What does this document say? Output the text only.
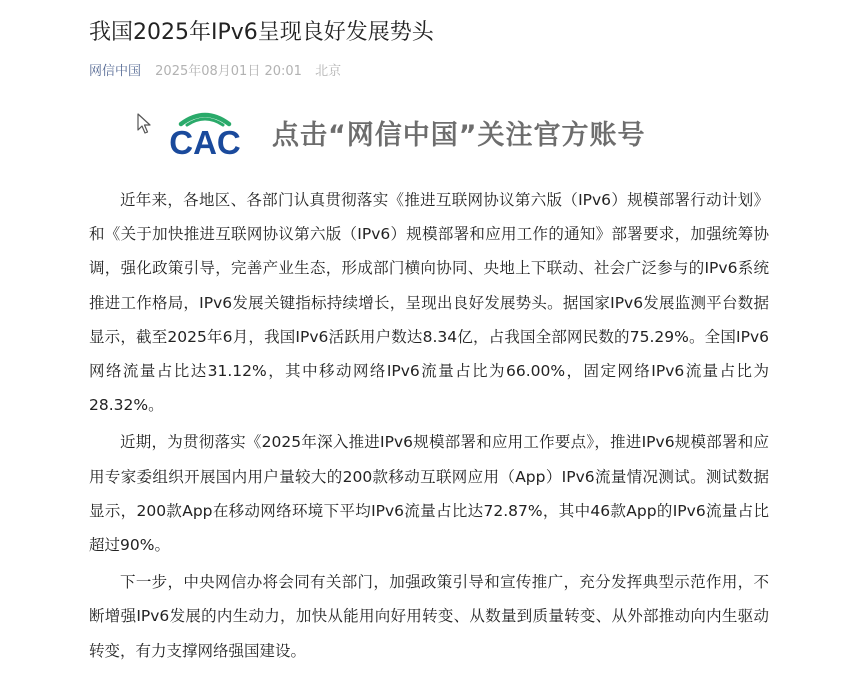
我国2025年IPv6呈现良好发展势头
网信中国 2025年08月01日 20:01 北京
CAC 点击“网信中国”关注官方账号

近年来，各地区、各部门认真贯彻落实《推进互联网协议第六版（IPv6）规模部署行动计划》和《关于加快推进互联网协议第六版（IPv6）规模部署和应用工作的通知》部署要求，加强统筹协调，强化政策引导，完善产业生态，形成部门横向协同、央地上下联动、社会广泛参与的IPv6系统推进工作格局，IPv6发展关键指标持续增长，呈现出良好发展势头。据国家IPv6发展监测平台数据显示，截至2025年6月，我国IPv6活跃用户数达8.34亿，占我国全部网民数的75.29%。全国IPv6网络流量占比达31.12%，其中移动网络IPv6流量占比为66.00%，固定网络IPv6流量占比为28.32%。

近期，为贯彻落实《2025年深入推进IPv6规模部署和应用工作要点》，推进IPv6规模部署和应用专家委组织开展国内用户量较大的200款移动互联网应用（App）IPv6流量情况测试。测试数据显示，200款App在移动网络环境下平均IPv6流量占比达72.87%，其中46款App的IPv6流量占比超过90%。

下一步，中央网信办将会同有关部门，加强政策引导和宣传推广，充分发挥典型示范作用，不断增强IPv6发展的内生动力，加快从能用向好用转变、从数量到质量转变、从外部推动向内生驱动转变，有力支撑网络强国建设。
